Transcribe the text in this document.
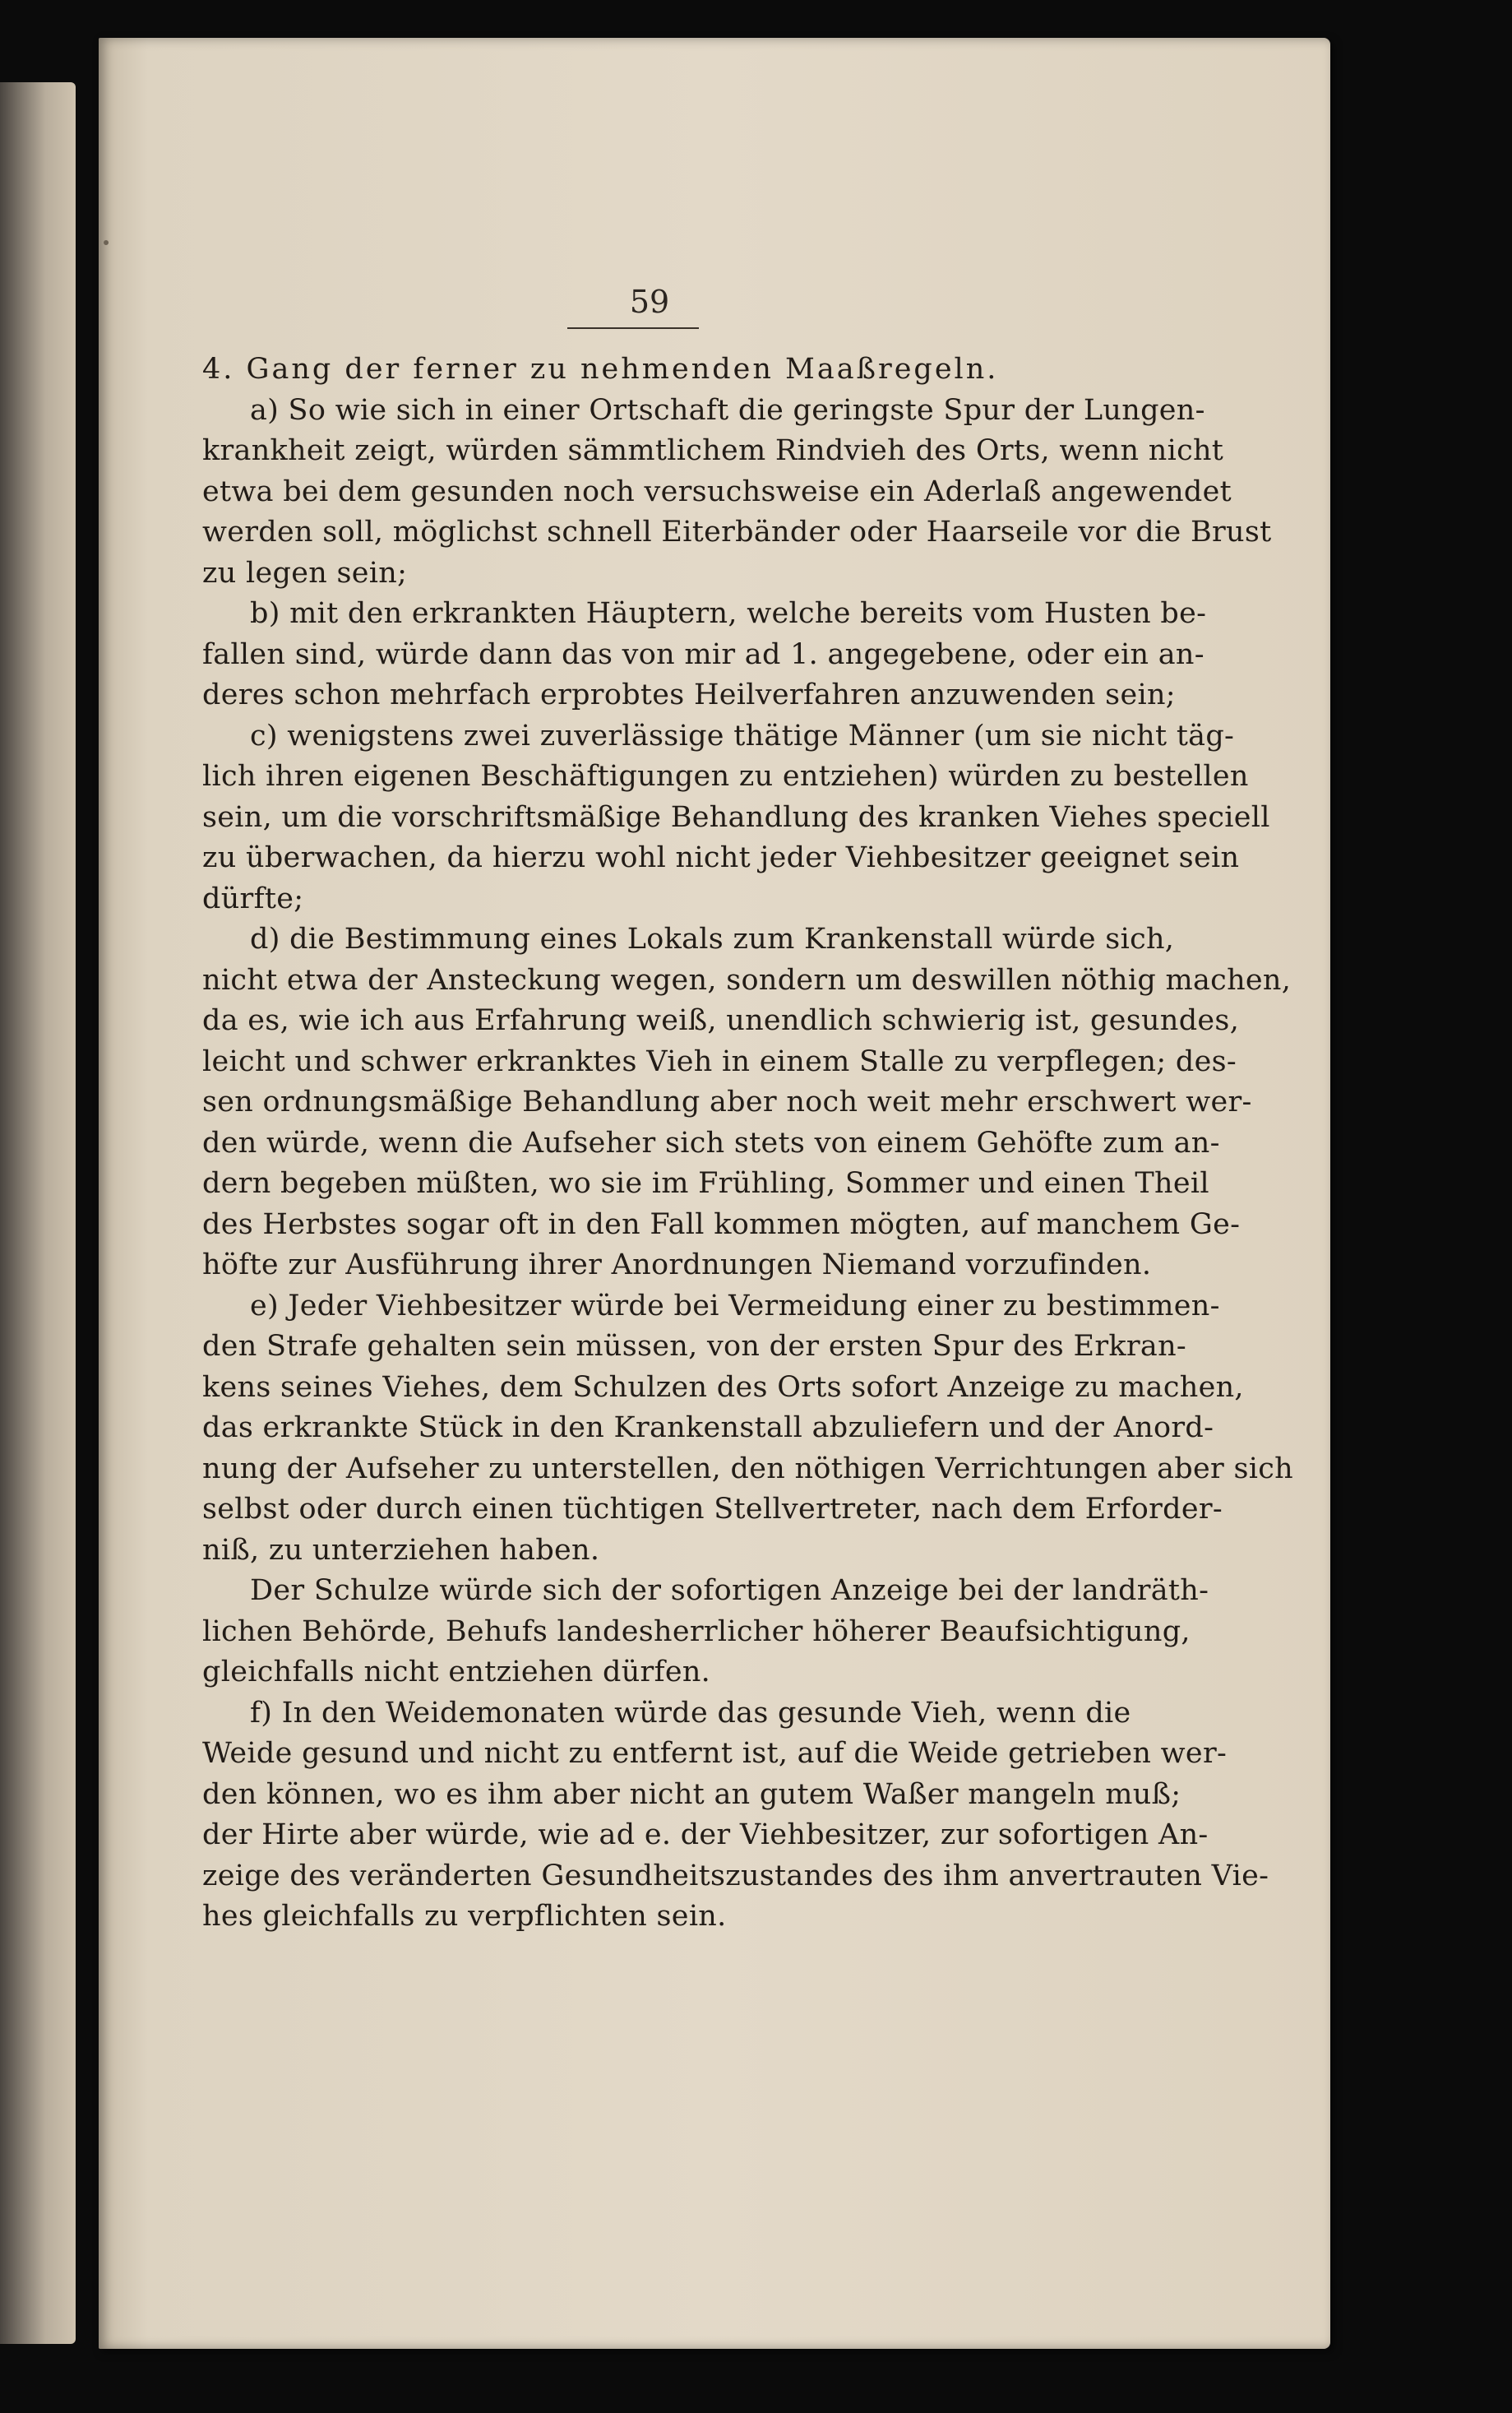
59
4. Gang der ferner zu nehmenden Maaßregeln.
a) So wie sich in einer Ortschaft die geringste Spur der Lungen-
krankheit zeigt, würden sämmtlichem Rindvieh des Orts, wenn nicht
etwa bei dem gesunden noch versuchsweise ein Aderlaß angewendet
werden soll, möglichst schnell Eiterbänder oder Haarseile vor die Brust
zu legen sein;
b) mit den erkrankten Häuptern, welche bereits vom Husten be-
fallen sind, würde dann das von mir ad 1. angegebene, oder ein an-
deres schon mehrfach erprobtes Heilverfahren anzuwenden sein;
c) wenigstens zwei zuverlässige thätige Männer (um sie nicht täg-
lich ihren eigenen Beschäftigungen zu entziehen) würden zu bestellen
sein, um die vorschriftsmäßige Behandlung des kranken Viehes speciell
zu überwachen, da hierzu wohl nicht jeder Viehbesitzer geeignet sein
dürfte;
d) die Bestimmung eines Lokals zum Krankenstall würde sich,
nicht etwa der Ansteckung wegen, sondern um deswillen nöthig machen,
da es, wie ich aus Erfahrung weiß, unendlich schwierig ist, gesundes,
leicht und schwer erkranktes Vieh in einem Stalle zu verpflegen; des-
sen ordnungsmäßige Behandlung aber noch weit mehr erschwert wer-
den würde, wenn die Aufseher sich stets von einem Gehöfte zum an-
dern begeben müßten, wo sie im Frühling, Sommer und einen Theil
des Herbstes sogar oft in den Fall kommen mögten, auf manchem Ge-
höfte zur Ausführung ihrer Anordnungen Niemand vorzufinden.
e) Jeder Viehbesitzer würde bei Vermeidung einer zu bestimmen-
den Strafe gehalten sein müssen, von der ersten Spur des Erkran-
kens seines Viehes, dem Schulzen des Orts sofort Anzeige zu machen,
das erkrankte Stück in den Krankenstall abzuliefern und der Anord-
nung der Aufseher zu unterstellen, den nöthigen Verrichtungen aber sich
selbst oder durch einen tüchtigen Stellvertreter, nach dem Erforder-
niß, zu unterziehen haben.
Der Schulze würde sich der sofortigen Anzeige bei der landräth-
lichen Behörde, Behufs landesherrlicher höherer Beaufsichtigung,
gleichfalls nicht entziehen dürfen.
f) In den Weidemonaten würde das gesunde Vieh, wenn die
Weide gesund und nicht zu entfernt ist, auf die Weide getrieben wer-
den können, wo es ihm aber nicht an gutem Waßer mangeln muß;
der Hirte aber würde, wie ad e. der Viehbesitzer, zur sofortigen An-
zeige des veränderten Gesundheitszustandes des ihm anvertrauten Vie-
hes gleichfalls zu verpflichten sein.
